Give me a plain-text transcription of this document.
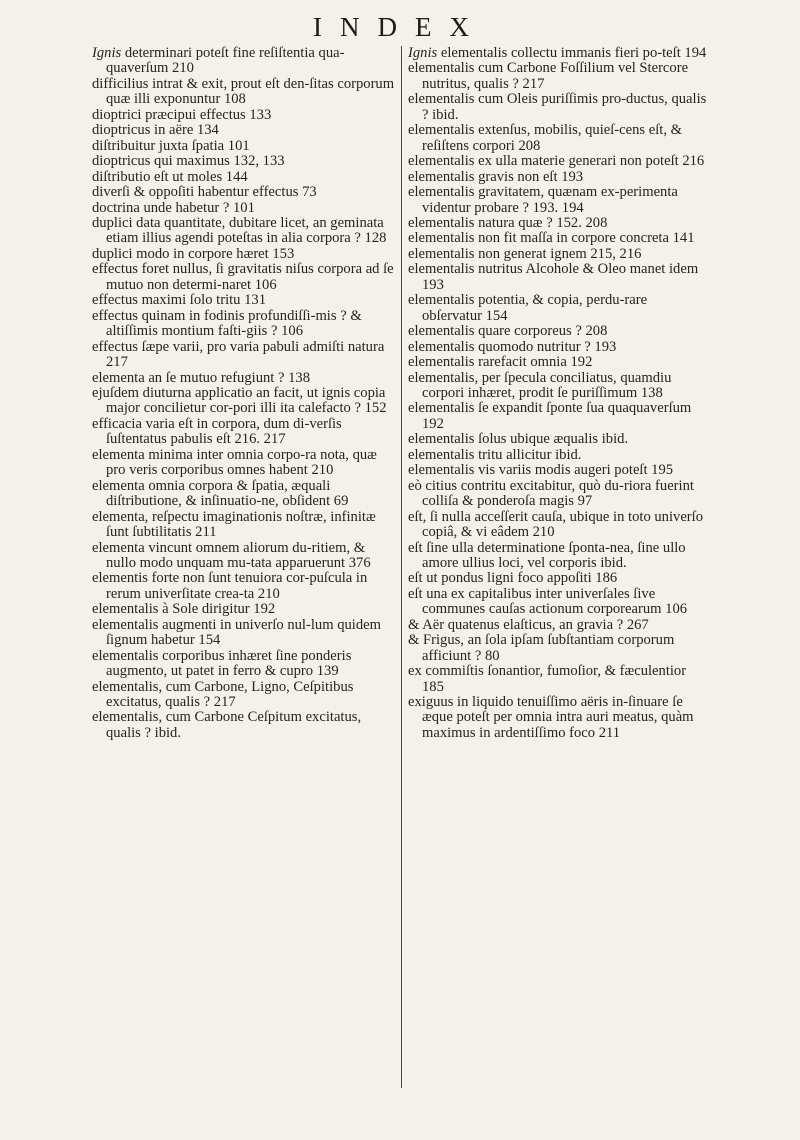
INDEX

Ignis determinari poteſt fine reſiſtentia qua-quaverſum 210

difficilius intrat & exit, prout eſt den-ſitas corporum quæ illi exponuntur 108

dioptrici præcipui effectus 133

dioptricus in aëre 134

diſtribuitur juxta ſpatia 101

dioptricus qui maximus 132, 133

diſtributio eſt ut moles 144

diverſi & oppoſiti habentur effectus 73

doctrina unde habetur ? 101

duplici data quantitate, dubitare licet, an geminata etiam illius agendi poteſtas in alia corpora ? 128

duplici modo in corpore hæret 153

effectus foret nullus, ſi gravitatis niſus corpora ad ſe mutuo non determi-naret 106

effectus maximi ſolo tritu 131

effectus quinam in fodinis profundiſſi-mis ? & altiſſimis montium faſti-giis ? 106

effectus ſæpe varii, pro varia pabuli admiſti natura 217

elementa an ſe mutuo refugiunt ? 138

ejuſdem diuturna applicatio an facit, ut ignis copia major concilietur cor-pori illi ita calefacto ? 152

efficacia varia eſt in corpora, dum di-verſis ſuſtentatus pabulis eſt 216. 217

elementa minima inter omnia corpo-ra nota, quæ pro veris corporibus omnes habent 210

elementa omnia corpora & ſpatia, æquali diſtributione, & inſinuatio-ne, obſident 69

elementa, reſpectu imaginationis noſtræ, infinitæ ſunt ſubtilitatis 211

elementa vincunt omnem aliorum du-ritiem, & nullo modo unquam mu-tata apparuerunt 376

elementis forte non ſunt tenuiora cor-puſcula in rerum univerſitate crea-ta 210

elementalis à Sole dirigitur 192

elementalis augmenti in univerſo nul-lum quidem ſignum habetur 154

elementalis corporibus inhæret ſine ponderis augmento, ut patet in ferro & cupro 139

elementalis, cum Carbone, Ligno, Ceſpitibus excitatus, qualis ? 217

elementalis, cum Carbone Ceſpitum excitatus, qualis ? ibid.

Ignis elementalis collectu immanis fieri po-teſt 194

elementalis cum Carbone Foſſilium vel Stercore nutritus, qualis ? 217

elementalis cum Oleis puriſſimis pro-ductus, qualis ? ibid.

elementalis extenſus, mobilis, quieſ-cens eſt, & reſiſtens corpori 208

elementalis ex ulla materie generari non poteſt 216

elementalis gravis non eſt 193

elementalis gravitatem, quænam ex-perimenta videntur probare ? 193. 194

elementalis natura quæ ? 152. 208

elementalis non fit maſſa in corpore concreta 141

elementalis non generat ignem 215, 216

elementalis nutritus Alcohole & Oleo manet idem 193

elementalis potentia, & copia, perdu-rare obſervatur 154

elementalis quare corporeus ? 208

elementalis quomodo nutritur ? 193

elementalis rarefacit omnia 192

elementalis, per ſpecula conciliatus, quamdiu corpori inhæret, prodit ſe puriſſimum 138

elementalis ſe expandit ſponte ſua quaquaverſum 192

elementalis ſolus ubique æqualis ibid.

elementalis tritu allicitur ibid.

elementalis vis variis modis augeri poteſt 195

eò citius contritu excitabitur, quò du-riora fuerint colliſa & ponderoſa magis 97

eſt, ſi nulla acceſſerit cauſa, ubique in toto univerſo copiâ, & vi eâdem 210

eſt ſine ulla determinatione ſponta-nea, ſine ullo amore ullius loci, vel corporis ibid.

eſt ut pondus ligni foco appoſiti 186

eſt una ex capitalibus inter univerſales ſive communes cauſas actionum corporearum 106

& Aër quatenus elaſticus, an gravia ? 267

& Frigus, an ſola ipſam ſubſtantiam corporum afficiunt ? 80

ex commiſtis ſonantior, fumoſior, & fæculentior 185

exiguus in liquido tenuiſſimo aëris in-ſinuare ſe æque poteſt per omnia intra auri meatus, quàm maximus in ardentiſſimo foco 211
